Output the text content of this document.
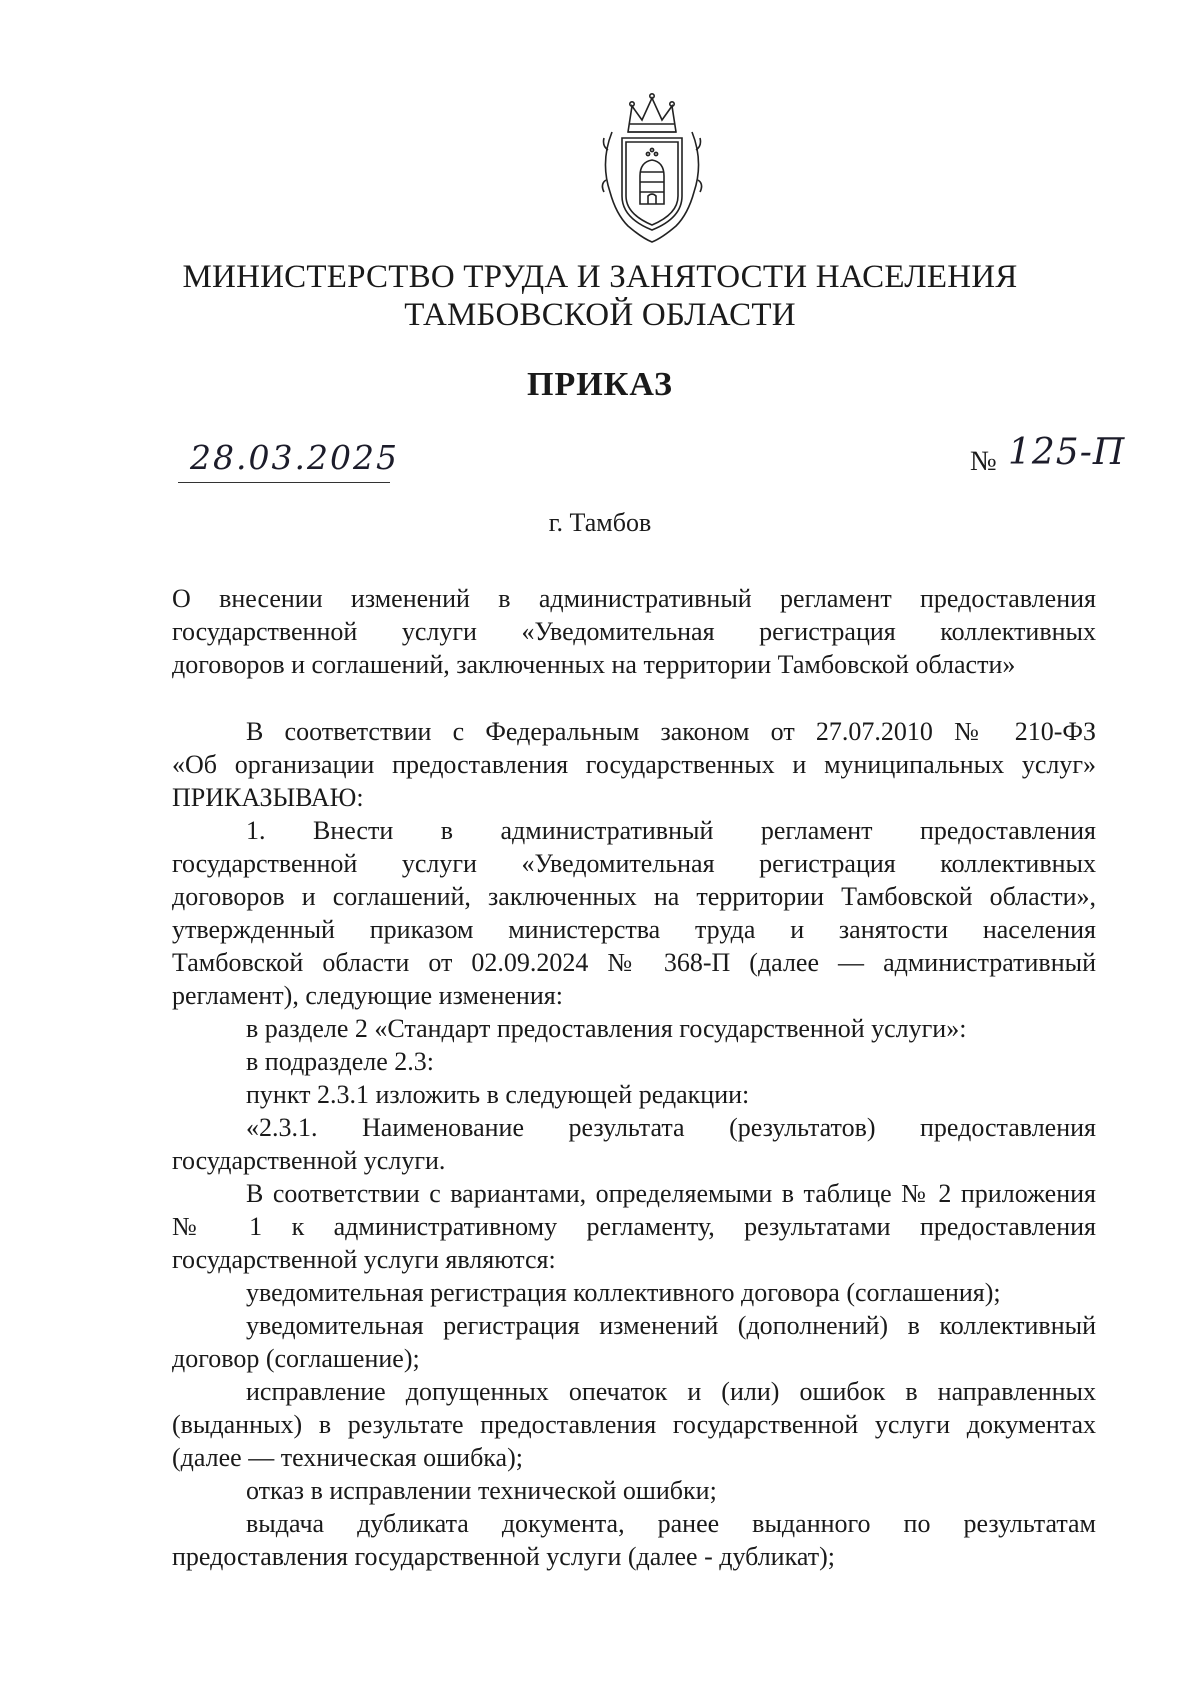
МИНИСТЕРСТВО ТРУДА И ЗАНЯТОСТИ НАСЕЛЕНИЯ
ТАМБОВСКОЙ ОБЛАСТИ
ПРИКАЗ
28.03.2025	№ 125-П
г. Тамбов

О внесении изменений в административный регламент предоставления

государственной услуги «Уведомительная регистрация коллективных

договоров и соглашений, заключенных на территории Тамбовской области»

В соответствии с Федеральным законом от 27.07.2010 № 210-ФЗ

«Об организации предоставления государственных и муниципальных услуг»

ПРИКАЗЫВАЮ:

1. Внести в административный регламент предоставления

государственной услуги «Уведомительная регистрация коллективных

договоров и соглашений, заключенных на территории Тамбовской области»,

утвержденный приказом министерства труда и занятости населения

Тамбовской области от 02.09.2024 № 368-П (далее — административный

регламент), следующие изменения:

в разделе 2 «Стандарт предоставления государственной услуги»:

в подразделе 2.3:

пункт 2.3.1 изложить в следующей редакции:

«2.3.1. Наименование результата (результатов) предоставления

государственной услуги.

В соответствии с вариантами, определяемыми в таблице № 2 приложения

№ 1 к административному регламенту, результатами предоставления

государственной услуги являются:

уведомительная регистрация коллективного договора (соглашения);

уведомительная регистрация изменений (дополнений) в коллективный

договор (соглашение);

исправление допущенных опечаток и (или) ошибок в направленных

(выданных) в результате предоставления государственной услуги документах

(далее — техническая ошибка);

отказ в исправлении технической ошибки;

выдача дубликата документа, ранее выданного по результатам

предоставления государственной услуги (далее - дубликат);
